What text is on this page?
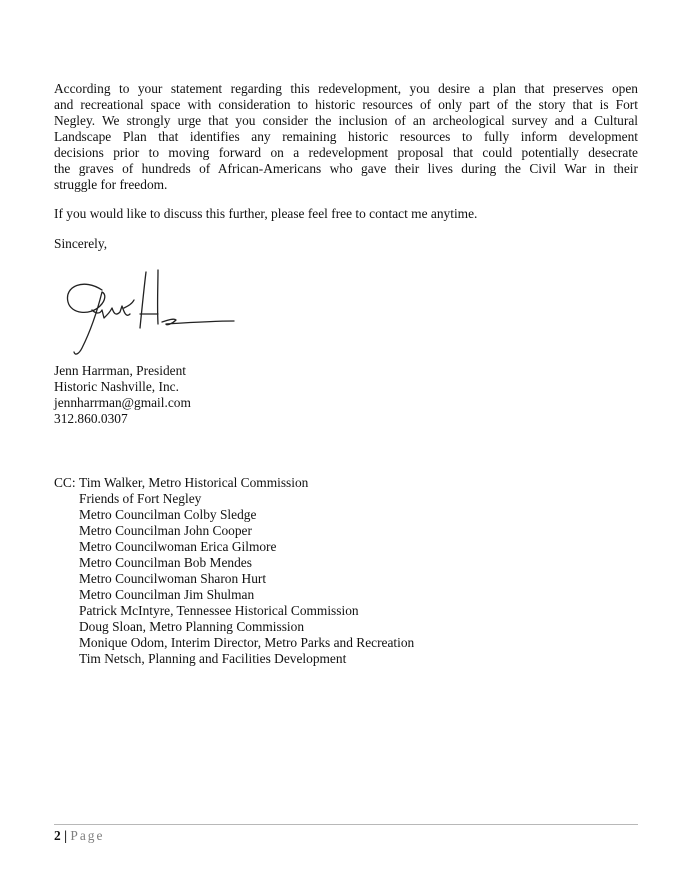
According to your statement regarding this redevelopment, you desire a plan that preserves open
and recreational space with consideration to historic resources of only part of the story that is Fort
Negley. We strongly urge that you consider the inclusion of an archeological survey and a Cultural
Landscape Plan that identifies any remaining historic resources to fully inform development
decisions prior to moving forward on a redevelopment proposal that could potentially desecrate
the graves of hundreds of African-Americans who gave their lives during the Civil War in their
struggle for freedom.
If you would like to discuss this further, please feel free to contact me anytime.
Sincerely,
Jenn Harrman, President
Historic Nashville, Inc.
jennharrman@gmail.com
312.860.0307
CC: Tim Walker, Metro Historical Commission
Friends of Fort Negley
Metro Councilman Colby Sledge
Metro Councilman John Cooper
Metro Councilwoman Erica Gilmore
Metro Councilman Bob Mendes
Metro Councilwoman Sharon Hurt
Metro Councilman Jim Shulman
Patrick McIntyre, Tennessee Historical Commission
Doug Sloan, Metro Planning Commission
Monique Odom, Interim Director, Metro Parks and Recreation
Tim Netsch, Planning and Facilities Development
2 | Page
